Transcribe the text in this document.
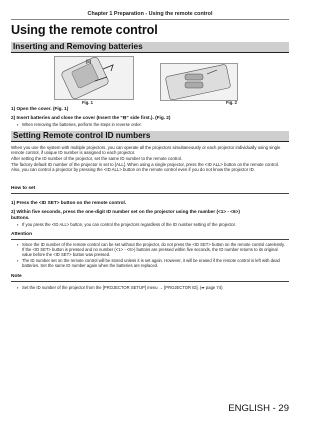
Chapter 1 Preparation - Using the remote control
Using the remote control
Inserting and Removing batteries
(ii)
Fig. 1	Fig. 2
1) Open the cover. (Fig. 1)
2) Insert batteries and close the cover (Insert the "⊟" side first.). (Fig. 2)
▪ When removing the batteries, perform the steps in reverse order.
Setting Remote control ID numbers
When you use the system with multiple projectors, you can operate all the projectors simultaneously or each projector individually using single remote control, if unique ID number is assigned to each projector.
After setting the ID number of the projector, set the same ID number to the remote control.
The factory default ID number of the projector is set to [ALL]. When using a single projector, press the <ID ALL> button on the remote control. Also, you can control a projector by pressing the <ID ALL> button on the remote control even if you do not know the projector ID.
How to set
1) Press the <ID SET> button on the remote control.
2) Within five seconds, press the one-digit ID number set on the projector using the number (<1> - <6>)
buttons.
▪ If you press the <ID ALL> button, you can control the projectors regardless of the ID number setting of the projector.
Attention
▪ Since the ID number of the remote control can be set without the projector, do not press the <ID SET> button on the remote control carelessly. If the <ID SET> button is pressed and no number (<1> - <6>) buttons are pressed within five seconds, the ID number returns to its original value before the <ID SET> button was pressed.
▪ The ID number set on the remote control will be stored unless it is set again. However, it will be erased if the remote control is left with dead batteries. Set the same ID number again when the batteries are replaced.
Note
▪ Set the ID number of the projector from the [PROJECTOR SETUP] menu → [PROJECTOR ID]. (➡ page 74)
ENGLISH - 29
